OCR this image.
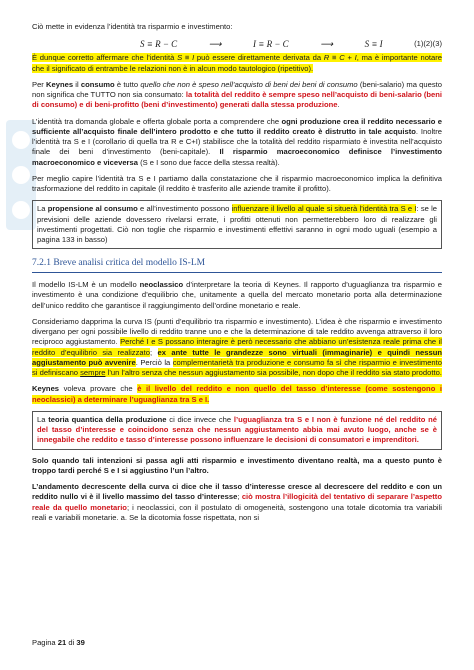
Ciò mette in evidenza l’identità tra risparmio e investimento:

S ≡ R − C	⟶	I ≡ R − C	⟶	S ≡ I	(1)(2)(3)

È dunque corretto affermare che l’identità S ≡ I può essere direttamente derivata da R ≡ C + I, ma è importante notare che il significato di entrambe le relazioni non è in alcun modo tautologico (ripetitivo).

Per Keynes il consumo è tutto quello che non è speso nell’acquisto di beni dei beni di consumo (beni-salario) ma questo non significa che TUTTO non sia consumato: la totalità del reddito è sempre speso nell’acquisto di beni-salario (beni di consumo) e di beni-profitto (beni d’investimento) generati dalla stessa produzione.

L’identità tra domanda globale e offerta globale porta a comprendere che ogni produzione crea il reddito necessario e sufficiente all’acquisto finale dell’intero prodotto e che tutto il reddito creato è distrutto in tale acquisto. Inoltre l’identità tra S e I (corollario di quella tra R e C+I) stabilisce che la totalità del reddito risparmiato è investita nell’acquisto finale dei beni d’investimento (beni-capitale). Il risparmio macroeconomico definisce l’investimento macroeconomico e viceversa (S e I sono due facce della stessa realtà).

Per meglio capire l’identità tra S e I partiamo dalla constatazione che il risparmio macroeconomico implica la definitiva trasformazione del reddito in capitale (il reddito è trasferito alle aziende tramite il profitto).

La propensione al consumo e all’investimento possono influenzare il livello al quale si situerà l’identità tra S e I: se le previsioni delle aziende dovessero rivelarsi errate, i profitti ottenuti non permetterebbero loro di realizzare gli investimenti progettati. Ciò non toglie che risparmio e investimenti effettivi saranno in ogni modo uguali (esempio a pagina 133 in basso)
7.2.1 Breve analisi critica del modello IS-LM

Il modello IS-LM è un modello neoclassico d’interpretare la teoria di Keynes. Il rapporto d’uguaglianza tra risparmio e investimento è una condizione d’equilibrio che, unitamente a quella del mercato monetario porta alla determinazione dell’unico reddito che garantisce il raggiungimento dell’ordine monetario e reale.

Consideriamo dapprima la curva IS (punti d’equilibrio tra risparmio e investimento). L’idea è che risparmio e investimento divergano per ogni possibile livello di reddito tranne uno e che la determinazione di tale reddito avvenga attraverso il loro reciproco aggiustamento. Perché I e S possano interagire è però necessario che abbiano un’esistenza reale prima che il reddito d’equilibrio sia realizzato; ex ante tutte le grandezze sono virtuali (immaginarie) e quindi nessun aggiustamento può avvenire. Perciò la complementarietà tra produzione e consumo fa sì che risparmio e investimento si definiscano sempre l’un l’altro senza che nessun aggiustamento sia possibile, non dopo che il reddito sia stato prodotto.

Keynes voleva provare che è il livello del reddito e non quello del tasso d’interesse (come sostengono i neoclassici) a determinare l’uguaglianza tra S e I.

La teoria quantica della produzione ci dice invece che l’uguaglianza tra S e I non è funzione né del reddito né del tasso d’interesse e coincidono senza che nessun aggiustamento abbia mai avuto luogo, anche se è innegabile che reddito e tasso d’interesse possono influenzare le decisioni di consumatori e imprenditori.

Solo quando tali intenzioni si passa agli atti risparmio e investimento diventano realtà, ma a questo punto è troppo tardi perché S e I si aggiustino l’un l’altro.

L’andamento decrescente della curva ci dice che il tasso d’interesse cresce al decrescere del reddito e con un reddito nullo vi è il livello massimo del tasso d’interesse; ciò mostra l’illogicità del tentativo di separare l’aspetto reale da quello monetario; i neoclassici, con il postulato di omogeneità, sostengono una totale dicotomia tra variabili reali e variabili monetarie. a. Se la dicotomia fosse rispettata, non si

Pagina 21 di 39
